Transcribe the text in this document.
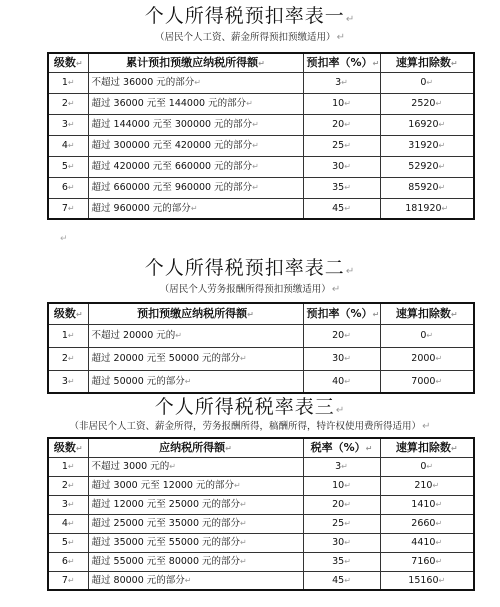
个人所得税预扣率表一↵
（居民个人工资、薪金所得预扣预缴适用）↵
级数↵	累计预扣预缴应纳税所得额↵	预扣率（%）↵	速算扣除数↵
1↵	不超过 36000 元的部分↵	3↵	0↵
2↵	超过 36000 元至 144000 元的部分↵	10↵	2520↵
3↵	超过 144000 元至 300000 元的部分↵	20↵	16920↵
4↵	超过 300000 元至 420000 元的部分↵	25↵	31920↵
5↵	超过 420000 元至 660000 元的部分↵	30↵	52920↵
6↵	超过 660000 元至 960000 元的部分↵	35↵	85920↵
7↵	超过 960000 元的部分↵	45↵	181920↵
↵
个人所得税预扣率表二↵
（居民个人劳务报酬所得预扣预缴适用）↵
级数↵	预扣预缴应纳税所得额↵	预扣率（%）↵	速算扣除数↵
1↵	不超过 20000 元的↵	20↵	0↵
2↵	超过 20000 元至 50000 元的部分↵	30↵	2000↵
3↵	超过 50000 元的部分↵	40↵	7000↵
个人所得税税率表三↵
（非居民个人工资、薪金所得，劳务报酬所得，稿酬所得，特许权使用费所得适用）↵
级数↵	应纳税所得额↵	税率（%）↵	速算扣除数↵
1↵	不超过 3000 元的↵	3↵	0↵
2↵	超过 3000 元至 12000 元的部分↵	10↵	210↵
3↵	超过 12000 元至 25000 元的部分↵	20↵	1410↵
4↵	超过 25000 元至 35000 元的部分↵	25↵	2660↵
5↵	超过 35000 元至 55000 元的部分↵	30↵	4410↵
6↵	超过 55000 元至 80000 元的部分↵	35↵	7160↵
7↵	超过 80000 元的部分↵	45↵	15160↵
